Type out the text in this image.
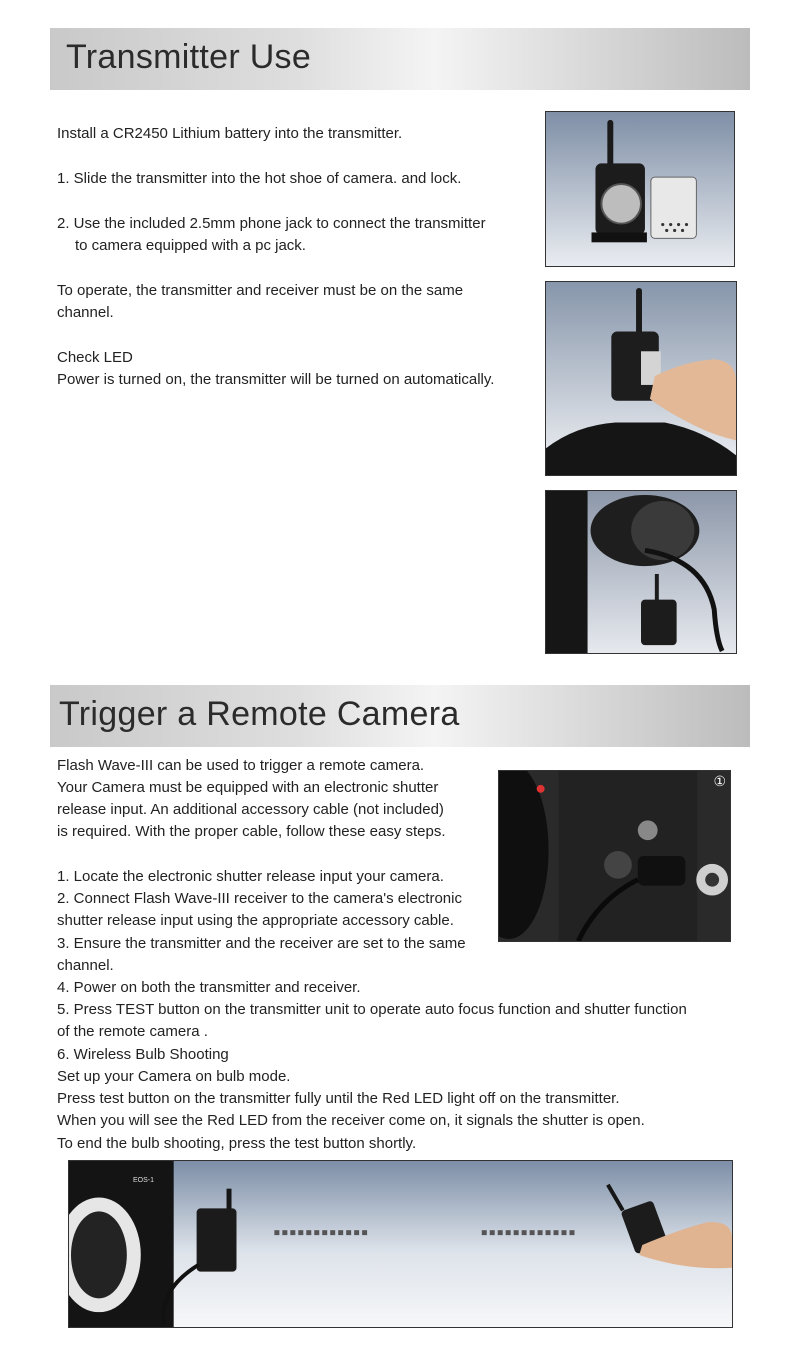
Transmitter Use
Install a CR2450 Lithium battery into the transmitter.
1. Slide the transmitter into the hot shoe of camera. and lock.
2. Use the included 2.5mm phone jack to connect the transmitter
to camera equipped with a pc jack.
To operate, the transmitter and receiver must be on the same
channel.
Check LED
Power is turned on, the transmitter will be turned on automatically.
Trigger a Remote Camera
Flash Wave-III can be used to trigger a remote camera.
Your Camera must be equipped with an electronic shutter
release input. An additional accessory cable (not included)
is required. With the proper cable, follow these easy steps.
1. Locate the electronic shutter release input your camera.
2. Connect Flash Wave-III receiver to the camera's electronic
shutter release input using the appropriate accessory cable.
3. Ensure the transmitter and the receiver are set to the same
channel.
4. Power on both the transmitter and receiver.
5. Press TEST button on the transmitter unit to operate auto focus function and shutter function
of the remote camera .
6. Wireless Bulb Shooting
Set up your Camera on bulb mode.
Press test button on the transmitter fully until the Red LED light off on the transmitter.
When you will see the Red LED from the receiver come on, it signals the shutter is open.
To end the bulb shooting, press the test button shortly.
①
EOS-1
